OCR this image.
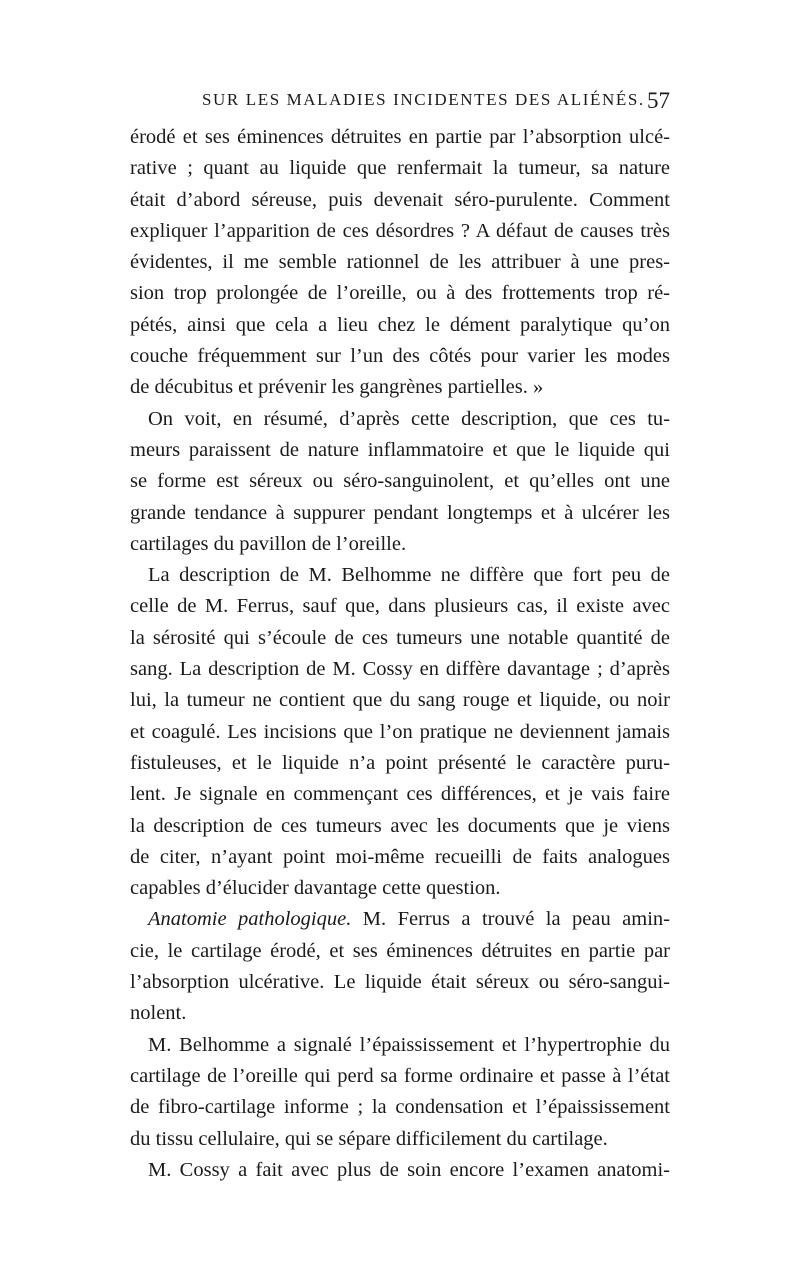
SUR LES MALADIES INCIDENTES DES ALIÉNÉS. 57
érodé et ses éminences détruites en partie par l’absorption ulcé-
rative ; quant au liquide que renfermait la tumeur, sa nature
était d’abord séreuse, puis devenait séro-purulente. Comment
expliquer l’apparition de ces désordres ? A défaut de causes très
évidentes, il me semble rationnel de les attribuer à une pres-
sion trop prolongée de l’oreille, ou à des frottements trop ré-
pétés, ainsi que cela a lieu chez le dément paralytique qu’on
couche fréquemment sur l’un des côtés pour varier les modes
de décubitus et prévenir les gangrènes partielles. »
On voit, en résumé, d’après cette description, que ces tu-
meurs paraissent de nature inflammatoire et que le liquide qui
se forme est séreux ou séro-sanguinolent, et qu’elles ont une
grande tendance à suppurer pendant longtemps et à ulcérer les
cartilages du pavillon de l’oreille.
La description de M. Belhomme ne diffère que fort peu de
celle de M. Ferrus, sauf que, dans plusieurs cas, il existe avec
la sérosité qui s’écoule de ces tumeurs une notable quantité de
sang. La description de M. Cossy en diffère davantage ; d’après
lui, la tumeur ne contient que du sang rouge et liquide, ou noir
et coagulé. Les incisions que l’on pratique ne deviennent jamais
fistuleuses, et le liquide n’a point présenté le caractère puru-
lent. Je signale en commençant ces différences, et je vais faire
la description de ces tumeurs avec les documents que je viens
de citer, n’ayant point moi-même recueilli de faits analogues
capables d’élucider davantage cette question.
Anatomie pathologique. M. Ferrus a trouvé la peau amin-
cie, le cartilage érodé, et ses éminences détruites en partie par
l’absorption ulcérative. Le liquide était séreux ou séro-sangui-
nolent.
M. Belhomme a signalé l’épaississement et l’hypertrophie du
cartilage de l’oreille qui perd sa forme ordinaire et passe à l’état
de fibro-cartilage informe ; la condensation et l’épaississement
du tissu cellulaire, qui se sépare difficilement du cartilage.
M. Cossy a fait avec plus de soin encore l’examen anatomi-
